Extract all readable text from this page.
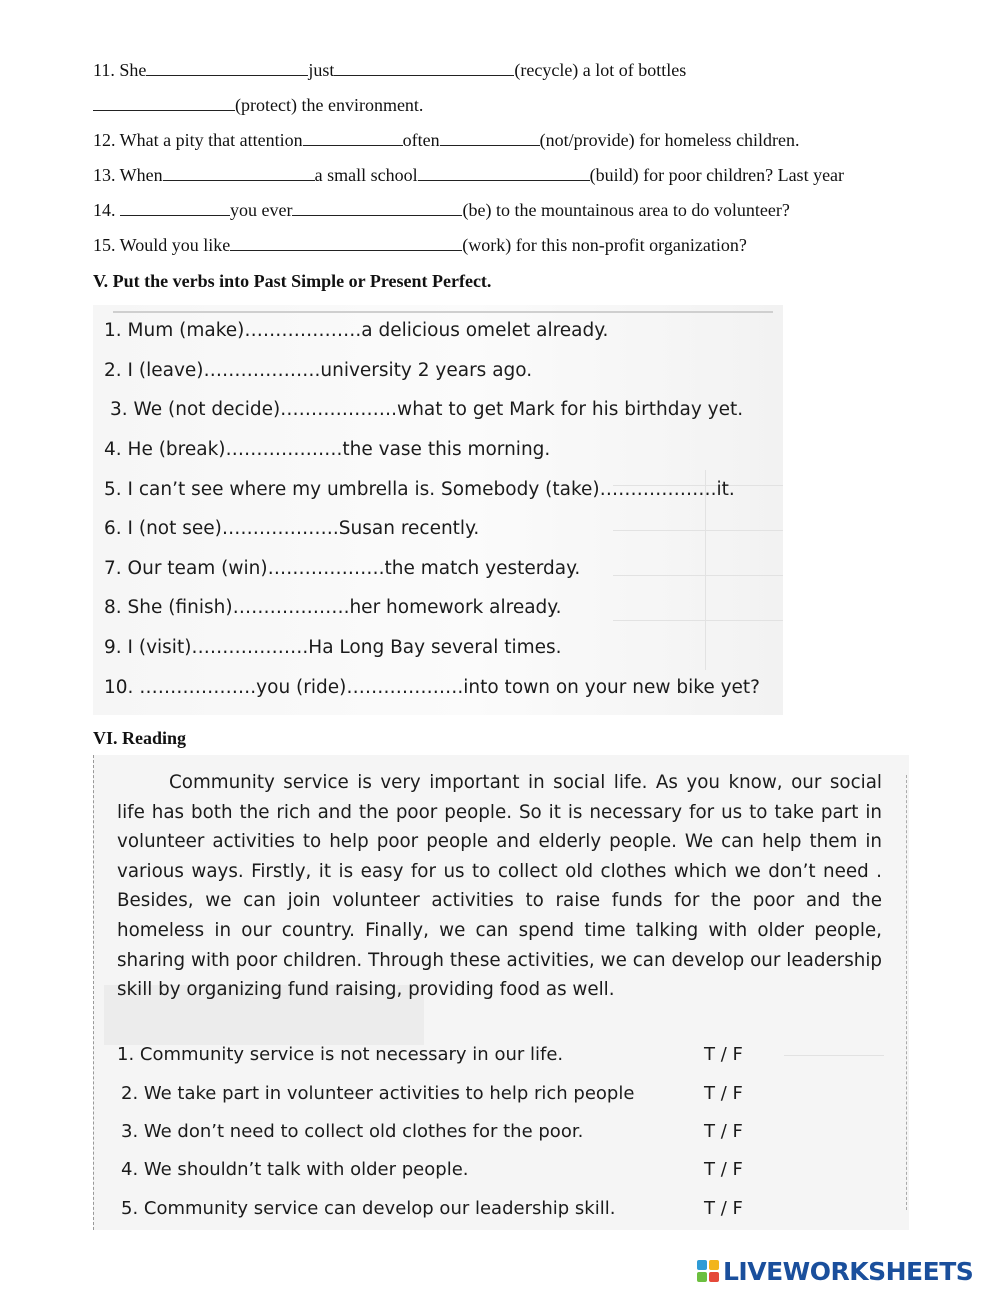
11. She	just	(recycle) a lot of bottles
(protect) the environment.
12. What a pity that attention	often	(not/provide) for homeless children.
13. When	a small school	(build) for poor children? Last year
14.	you ever	(be) to the mountainous area to do volunteer?
15. Would you like	(work) for this non-profit organization?
V. Put the verbs into Past Simple or Present Perfect.
1. Mum (make)……………….a delicious omelet already.
2. I (leave)……………….university 2 years ago.
3. We (not decide)……………….what to get Mark for his birthday yet.
4. He (break)……………….the vase this morning.
5. I can’t see where my umbrella is. Somebody (take)……………….it.
6. I (not see)……………….Susan recently.
7. Our team (win)……………….the match yesterday.
8. She (finish)……………….her homework already.
9. I (visit)……………….Ha Long Bay several times.
10. ……………….you (ride)……………….into town on your new bike yet?
VI. Reading

Community service is very important in social life. As you know, our social life has both the rich and the poor people. So it is necessary for us to take part in volunteer activities to help poor people and elderly people. We can help them in various ways. Firstly, it is easy for us to collect old clothes which we don’t need . Besides, we can join volunteer activities to raise funds for the poor and the homeless in our country. Finally, we can spend time talking with older people, sharing with poor children. Through these activities, we can develop our leadership skill by organizing fund raising, providing food as well.

1. Community service is not necessary in our life.	T / F
2. We take part in volunteer activities to help rich people	T / F
3. We don’t need to collect old clothes for the poor.	T / F
4. We shouldn’t talk with older people.	T / F
5. Community service can develop our leadership skill.	T / F
LIVEWORKSHEETS
